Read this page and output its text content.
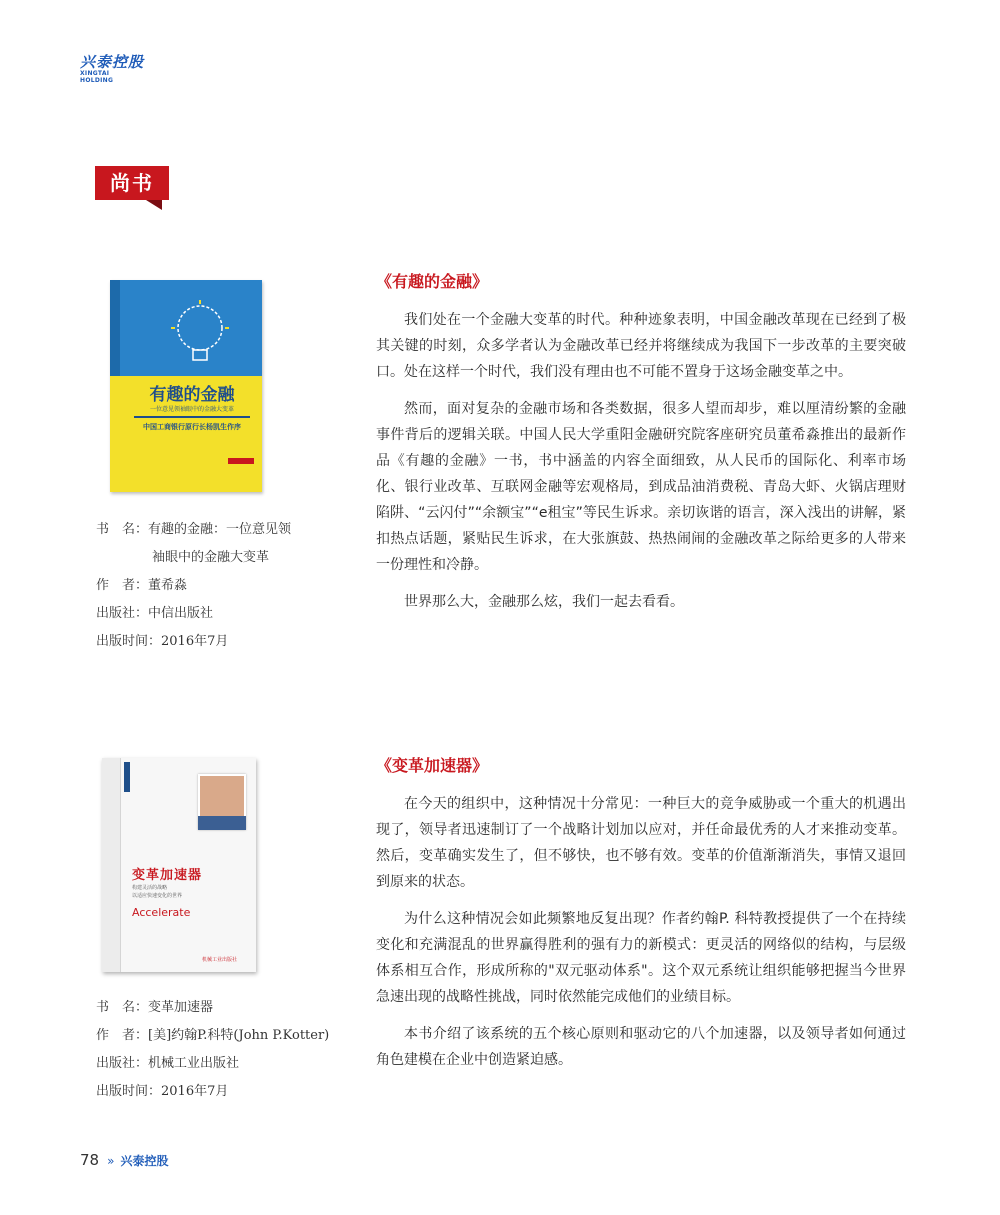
兴泰控股
XINGTAI HOLDING
尚书
有趣的金融
一位意见领袖眼中的金融大变革
中国工商银行原行长杨凯生作序
书　名：有趣的金融：一位意见领
袖眼中的金融大变革
作　者：董希淼
出版社：中信出版社
出版时间：2016年7月
《有趣的金融》

我们处在一个金融大变革的时代。种种迹象表明，中国金融改革现在已经到了极其关键的时刻，众多学者认为金融改革已经并将继续成为我国下一步改革的主要突破口。处在这样一个时代，我们没有理由也不可能不置身于这场金融变革之中。

然而，面对复杂的金融市场和各类数据，很多人望而却步，难以厘清纷繁的金融事件背后的逻辑关联。中国人民大学重阳金融研究院客座研究员董希淼推出的最新作品《有趣的金融》一书，书中涵盖的内容全面细致，从人民币的国际化、利率市场化、银行业改革、互联网金融等宏观格局，到成品油消费税、青岛大虾、火锅店理财陷阱、“云闪付”“余额宝”“e租宝”等民生诉求。亲切诙谐的语言，深入浅出的讲解，紧扣热点话题，紧贴民生诉求，在大张旗鼓、热热闹闹的金融改革之际给更多的人带来一份理性和冷静。

世界那么大，金融那么炫，我们一起去看看。

变革加速器
构建灵活的战略
以适应快速变化的世界
Accelerate
机械工业出版社
书　名：变革加速器
作　者：[美]约翰P.科特(John P.Kotter)
出版社：机械工业出版社
出版时间：2016年7月
《变革加速器》

在今天的组织中，这种情况十分常见：一种巨大的竞争威胁或一个重大的机遇出现了，领导者迅速制订了一个战略计划加以应对，并任命最优秀的人才来推动变革。然后，变革确实发生了，但不够快，也不够有效。变革的价值渐渐消失，事情又退回到原来的状态。

为什么这种情况会如此频繁地反复出现？作者约翰P. 科特教授提供了一个在持续变化和充满混乱的世界赢得胜利的强有力的新模式：更灵活的网络似的结构，与层级体系相互合作，形成所称的"双元驱动体系"。这个双元系统让组织能够把握当今世界急速出现的战略性挑战，同时依然能完成他们的业绩目标。

本书介绍了该系统的五个核心原则和驱动它的八个加速器，以及领导者如何通过角色建模在企业中创造紧迫感。

78 » 兴泰控股
